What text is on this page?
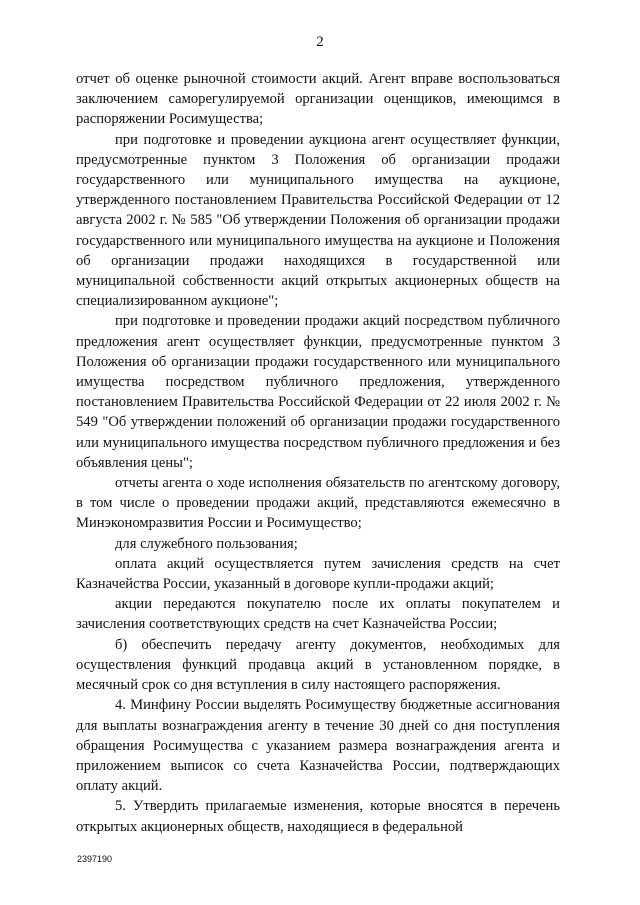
2

отчет об оценке рыночной стоимости акций. Агент вправе воспользоваться заключением саморегулируемой организации оценщиков, имеющимся в распоряжении Росимущества;

при подготовке и проведении аукциона агент осуществляет функции, предусмотренные пунктом 3 Положения об организации продажи государственного или муниципального имущества на аукционе, утвержденного постановлением Правительства Российской Федерации от 12 августа 2002 г. № 585 "Об утверждении Положения об организации продажи государственного или муниципального имущества на аукционе и Положения об организации продажи находящихся в государственной или муниципальной собственности акций открытых акционерных обществ на специализированном аукционе";

при подготовке и проведении продажи акций посредством публичного предложения агент осуществляет функции, предусмотренные пунктом 3 Положения об организации продажи государственного или муниципального имущества посредством публичного предложения, утвержденного постановлением Правительства Российской Федерации от 22 июля 2002 г. № 549 "Об утверждении положений об организации продажи государственного или муниципального имущества посредством публичного предложения и без объявления цены";

отчеты агента о ходе исполнения обязательств по агентскому договору, в том числе о проведении продажи акций, представляются ежемесячно в Минэкономразвития России и Росимущество;

для служебного пользования;

оплата акций осуществляется путем зачисления средств на счет Казначейства России, указанный в договоре купли-продажи акций;

акции передаются покупателю после их оплаты покупателем и зачисления соответствующих средств на счет Казначейства России;

б) обеспечить передачу агенту документов, необходимых для осуществления функций продавца акций в установленном порядке, в месячный срок со дня вступления в силу настоящего распоряжения.

4. Минфину России выделять Росимуществу бюджетные ассигнования для выплаты вознаграждения агенту в течение 30 дней со дня поступления обращения Росимущества с указанием размера вознаграждения агента и приложением выписок со счета Казначейства России, подтверждающих оплату акций.

5. Утвердить прилагаемые изменения, которые вносятся в перечень открытых акционерных обществ, находящиеся в федеральной

2397190
